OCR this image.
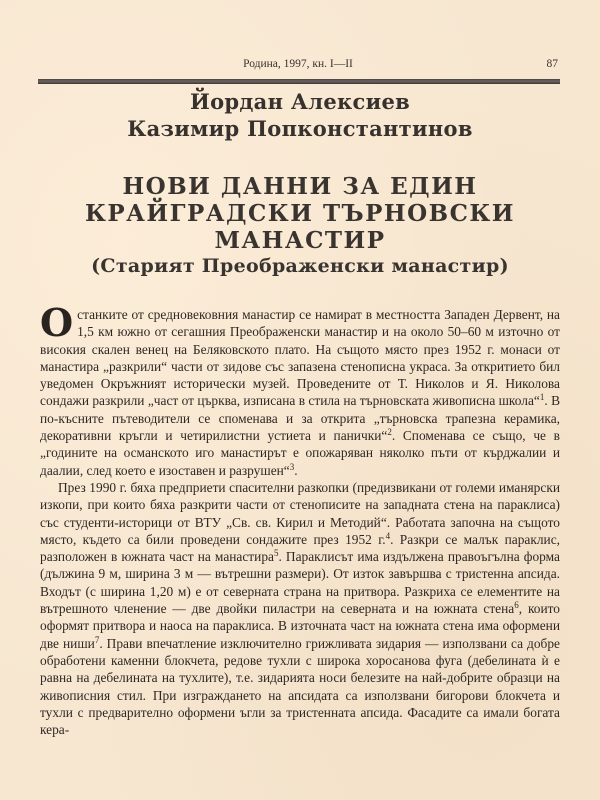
Родина, 1997, кн. I—II	87
Йордан Алексиев
Казимир Попконстантинов
НОВИ ДАННИ ЗА ЕДИН
КРАЙГРАДСКИ ТЪРНОВСКИ
МАНАСТИР
(Старият Преображенски манастир)

Останките от средновековния манастир се намират в местността Западен Дервент, на 1,5 км южно от сегашния Преображенски манастир и на около 50–60 м източно от високия скален венец на Беляковското плато. На същото място през 1952 г. монаси от манастира „разкрили“ части от зидове със запазена стенописна украса. За откритието бил уведомен Окръжният исторически музей. Проведените от Т. Николов и Я. Николова сондажи разкрили „част от църква, изписана в стила на търновската живописна школа“$^1$. В по-късните пътеводители се споменава и за открита „търновска трапезна керамика, декоративни кръгли и четирилистни устиета и панички“$^2$. Споменава се също, че в „годините на османското иго манастирът е опожаряван няколко пъти от кърджалии и даалии, след което е изоставен и разрушен“$^3$.

През 1990 г. бяха предприети спасителни разкопки (предизвикани от големи иманярски изкопи, при които бяха разкрити части от стенописите на западната стена на параклиса) със студенти-историци от ВТУ „Св. св. Кирил и Методий“. Работата започна на същото място, където са били проведени сондажите през 1952 г.$^4$. Разкри се малък параклис, разположен в южната част на манастира$^5$. Параклисът има издължена правоъгълна форма (дължина 9 м, ширина 3 м — вътрешни размери). От изток завършва с тристенна апсида. Входът (с ширина 1,20 м) е от северната страна на притвора. Разкриха се елементите на вътрешното членение — две двойки пиластри на северната и на южната стена$^6$, които оформят притвора и наоса на параклиса. В източната част на южната стена има оформени две ниши$^7$. Прави впечатление изключително грижливата зидария — използвани са добре обработени каменни блокчета, редове тухли с широка хоросанова фуга (дебелината ѝ е равна на дебелината на тухлите), т.е. зидарията носи белезите на най-добрите образци на живописния стил. При изграждането на апсидата са използвани бигорови блокчета и тухли с предварително оформени ъгли за тристенната апсида. Фасадите са имали богата кера-
